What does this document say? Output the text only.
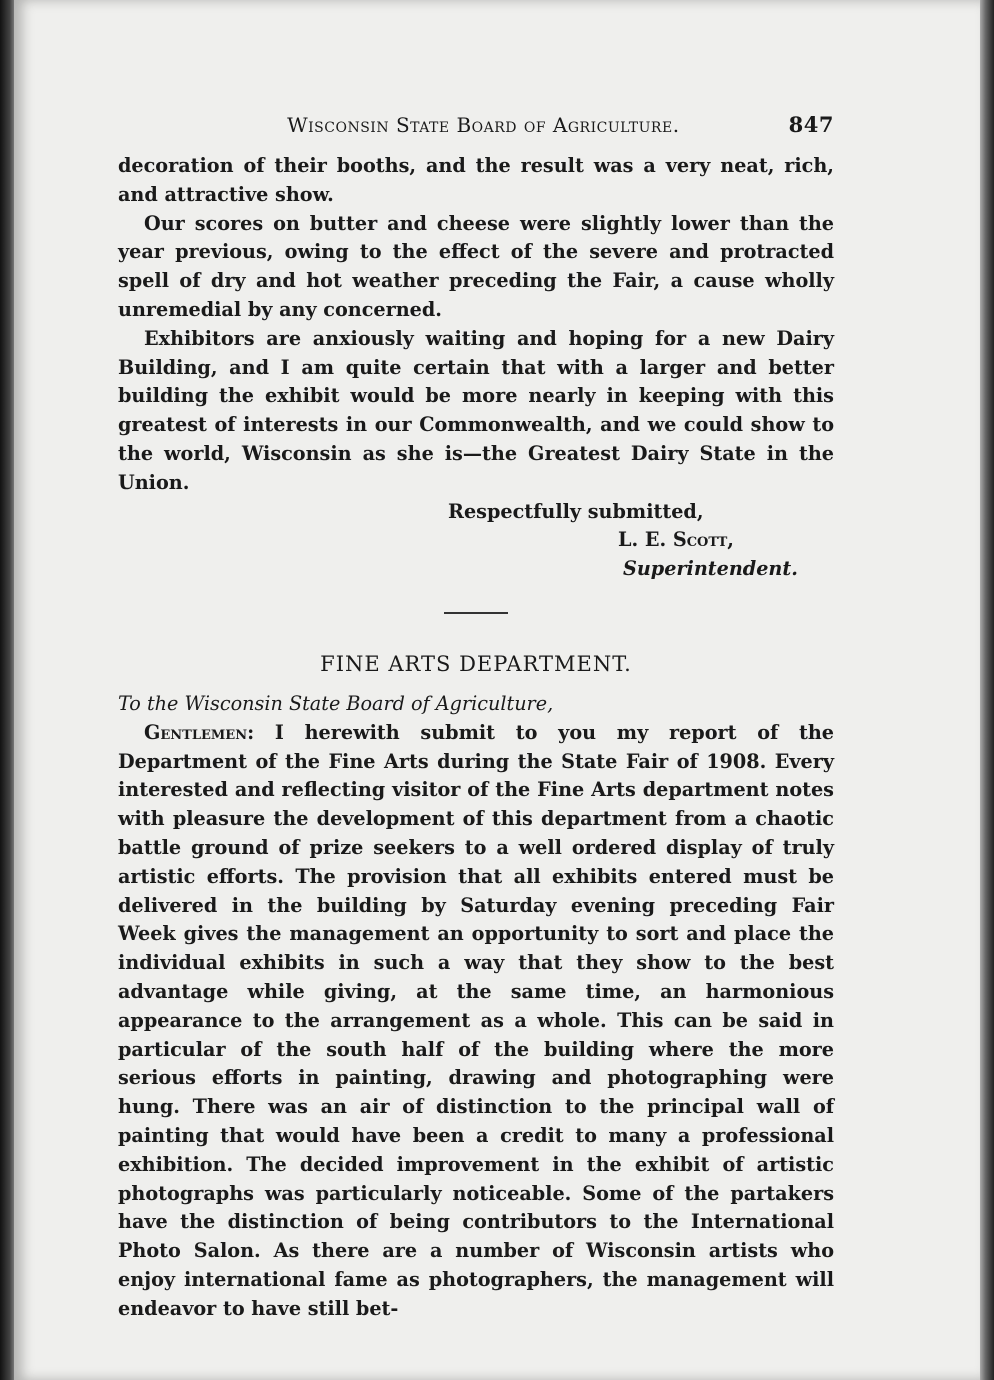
Wisconsin State Board of Agriculture.	847

decoration of their booths, and the result was a very neat, rich, and attractive show.

Our scores on butter and cheese were slightly lower than the year previous, owing to the effect of the severe and protracted spell of dry and hot weather preceding the Fair, a cause wholly unremedial by any concerned.

Exhibitors are anxiously waiting and hoping for a new Dairy Building, and I am quite certain that with a larger and better building the exhibit would be more nearly in keeping with this greatest of interests in our Commonwealth, and we could show to the world, Wisconsin as she is—the Greatest Dairy State in the Union.

Respectfully submitted,
L. E. Scott,
Superintendent.
FINE ARTS DEPARTMENT.
To the Wisconsin State Board of Agriculture,

Gentlemen: I herewith submit to you my report of the Department of the Fine Arts during the State Fair of 1908. Every interested and reflecting visitor of the Fine Arts department notes with pleasure the development of this department from a chaotic battle ground of prize seekers to a well ordered display of truly artistic efforts. The provision that all exhibits entered must be delivered in the building by Saturday evening preceding Fair Week gives the management an opportunity to sort and place the individual exhibits in such a way that they show to the best advantage while giving, at the same time, an harmonious appearance to the arrangement as a whole. This can be said in particular of the south half of the building where the more serious efforts in painting, drawing and photographing were hung. There was an air of distinction to the principal wall of painting that would have been a credit to many a professional exhibition. The decided improvement in the exhibit of artistic photographs was particularly noticeable. Some of the partakers have the distinction of being contributors to the International Photo Salon. As there are a number of Wisconsin artists who enjoy international fame as photographers, the management will endeavor to have still bet-
